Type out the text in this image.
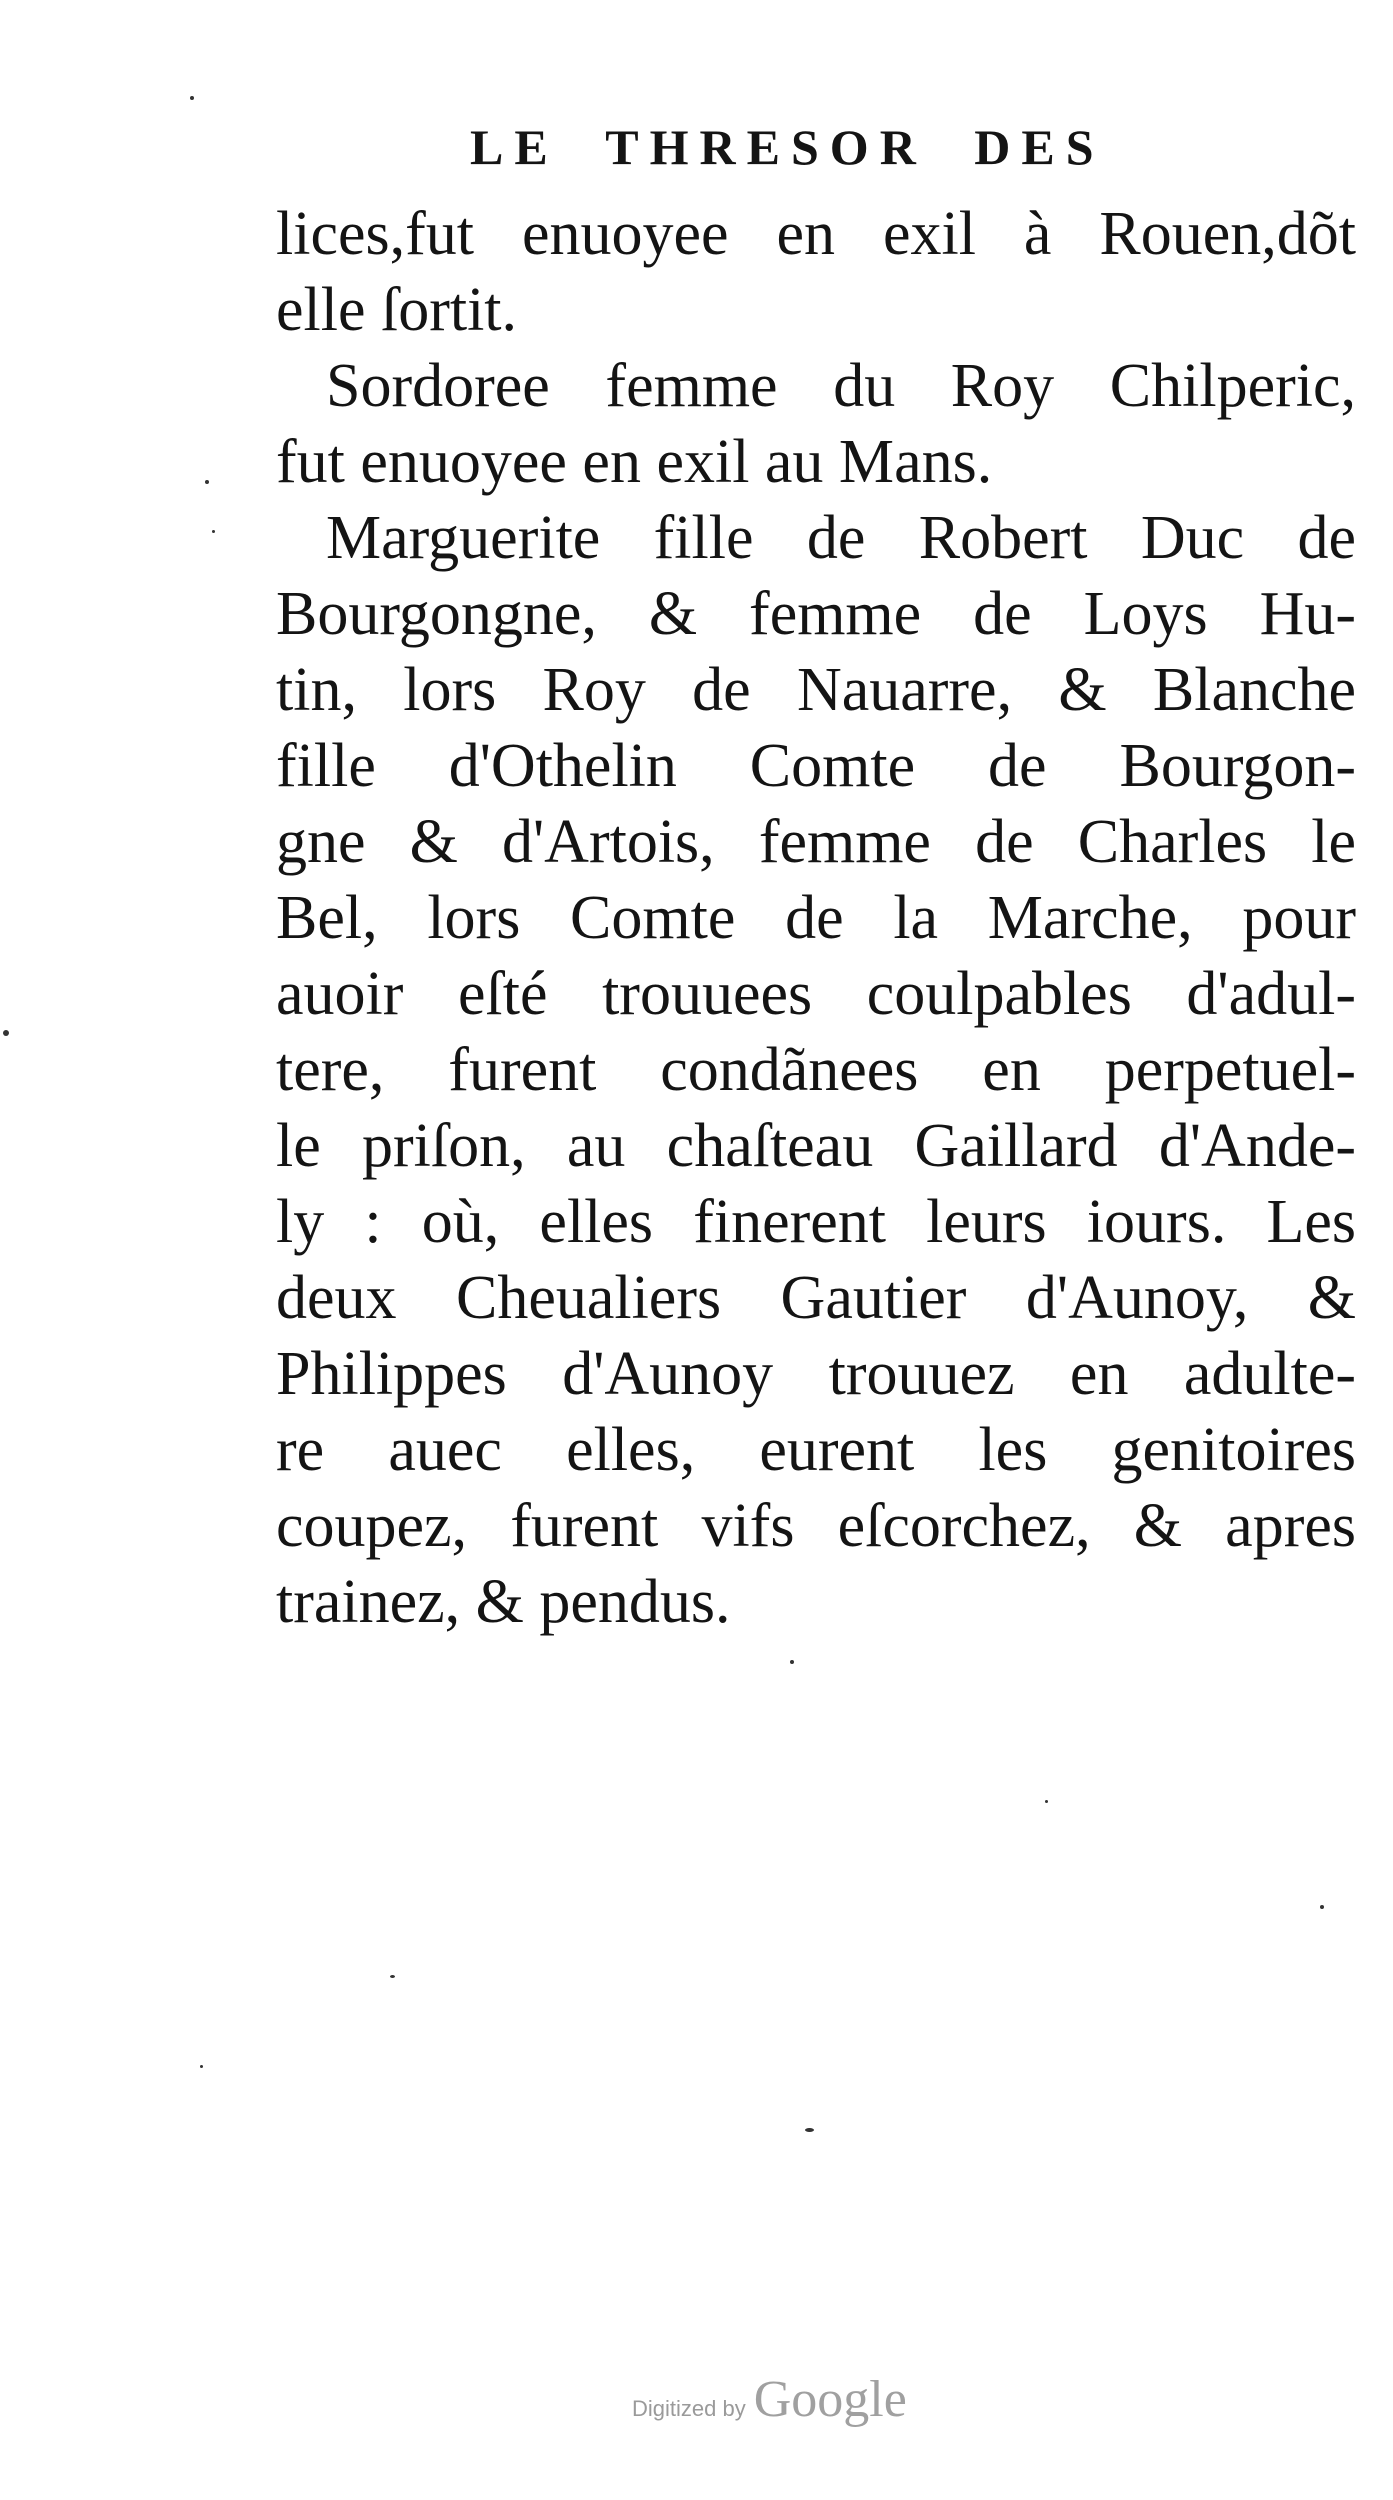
LE THRESOR DES
lices,fut enuoyee en exil à Rouen,dõt
elle ſortit.
Sordoree femme du Roy Chilperic,
fut enuoyee en exil au Mans.
Marguerite fille de Robert Duc de
Bourgongne, & femme de Loys Hu-
tin, lors Roy de Nauarre, & Blanche
fille d'Othelin Comte de Bourgon-
gne & d'Artois, femme de Charles le
Bel, lors Comte de la Marche, pour
auoir eſté trouuees coulpables d'adul-
tere, furent condãnees en perpetuel-
le priſon, au chaſteau Gaillard d'Ande-
ly : où, elles finerent leurs iours. Les
deux Cheualiers Gautier d'Aunoy, &
Philippes d'Aunoy trouuez en adulte-
re auec elles, eurent les genitoires
coupez, furent vifs eſcorchez, & apres
trainez, & pendus.
Digitized by Google
